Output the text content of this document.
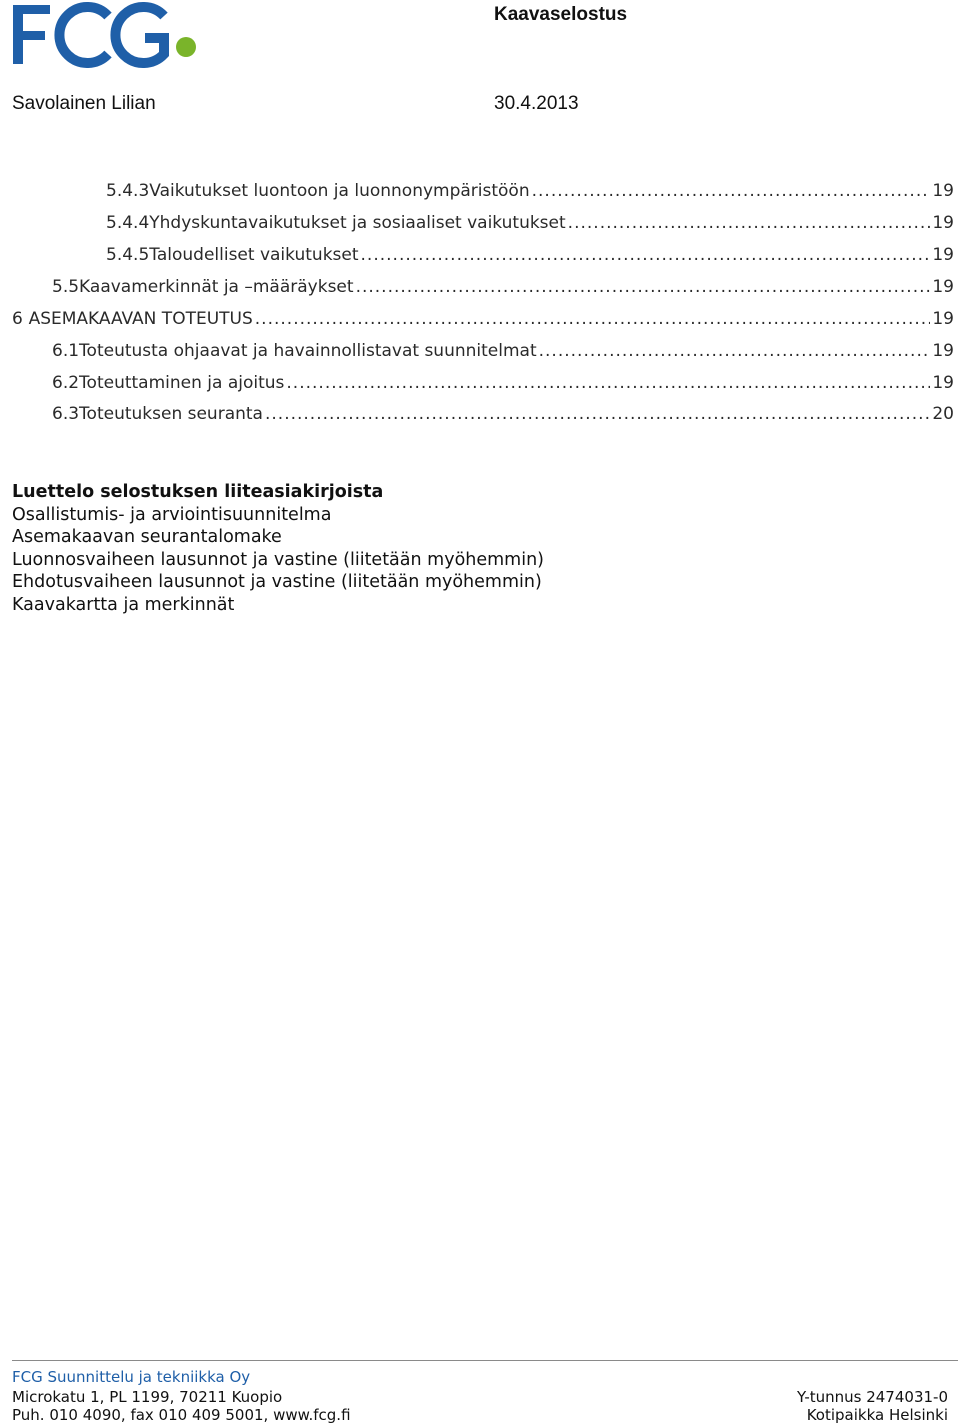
Kaavaselostus
Savolainen Lilian	30.4.2013
5.4.3 Vaikutukset luontoon ja luonnonympäristöön .....	19
5.4.4 Yhdyskuntavaikutukset ja sosiaaliset vaikutukset .....	19
5.4.5 Taloudelliset vaikutukset .....	19
5.5 Kaavamerkinnät ja –määräykset .....	19
6 ASEMAKAAVAN TOTEUTUS .....	19
6.1 Toteutusta ohjaavat ja havainnollistavat suunnitelmat .....	19
6.2 Toteuttaminen ja ajoitus .....	19
6.3 Toteutuksen seuranta .....	20
Luettelo selostuksen liiteasiakirjoista
Osallistumis- ja arviointisuunnitelma
Asemakaavan seurantalomake
Luonnosvaiheen lausunnot ja vastine (liitetään myöhemmin)
Ehdotusvaiheen lausunnot ja vastine (liitetään myöhemmin)
Kaavakartta ja merkinnät
FCG Suunnittelu ja tekniikka Oy
Microkatu 1, PL 1199, 70211 Kuopio
Puh. 010 4090, fax 010 409 5001, www.fcg.fi
Y-tunnus 2474031-0
Kotipaikka Helsinki
